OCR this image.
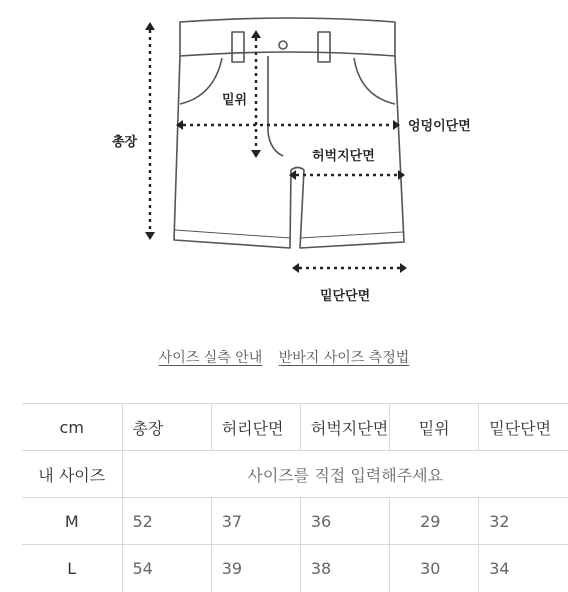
총장
밑위
엉덩이단면
허벅지단면
밑단단면
사이즈 실측 안내 반바지 사이즈 측정법
cm	총장	허리단면	허벅지단면	밑위	밑단단면
내 사이즈	사이즈를 직접 입력해주세요				
M	52	37	36	29	32
L	54	39	38	30	34
